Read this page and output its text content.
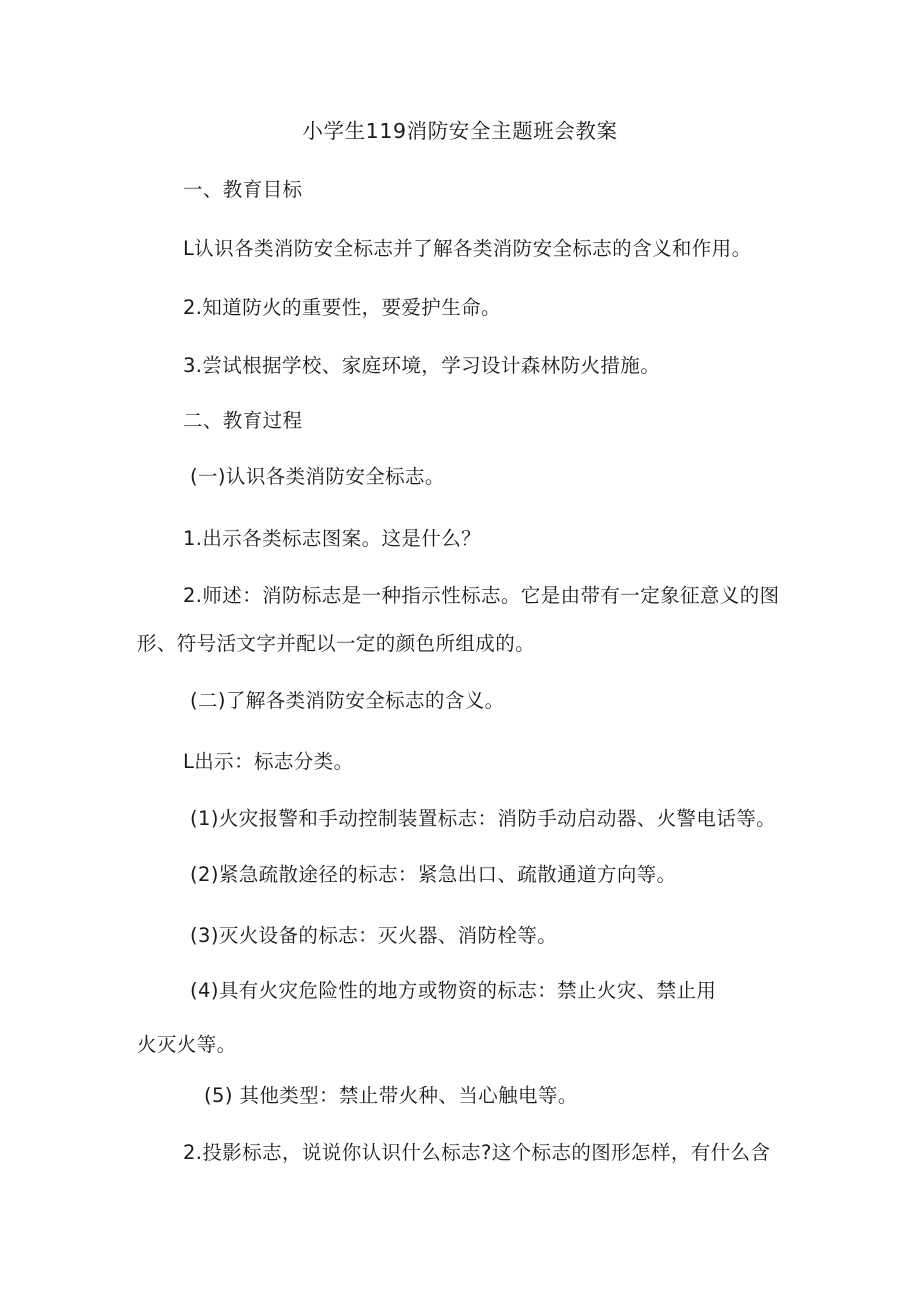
小学生119消防安全主题班会教案
一、教育目标
L认识各类消防安全标志并了解各类消防安全标志的含义和作用。
2.知道防火的重要性，要爱护生命。
3.尝试根据学校、家庭环境，学习设计森林防火措施。
二、教育过程
(一)认识各类消防安全标志。
1.出示各类标志图案。这是什么？
2.师述：消防标志是一种指示性标志。它是由带有一定象征意义的图
形、符号活文字并配以一定的颜色所组成的。
(二)了解各类消防安全标志的含义。
L出示：标志分类。
(1)火灾报警和手动控制装置标志：消防手动启动器、火警电话等。
(2)紧急疏散途径的标志：紧急出口、疏散通道方向等。
(3)灭火设备的标志：灭火器、消防栓等。
(4)具有火灾危险性的地方或物资的标志：禁止火灾、禁止用
火灭火等。
(5) 其他类型：禁止带火种、当心触电等。
2.投影标志，说说你认识什么标志?这个标志的图形怎样，有什么含
